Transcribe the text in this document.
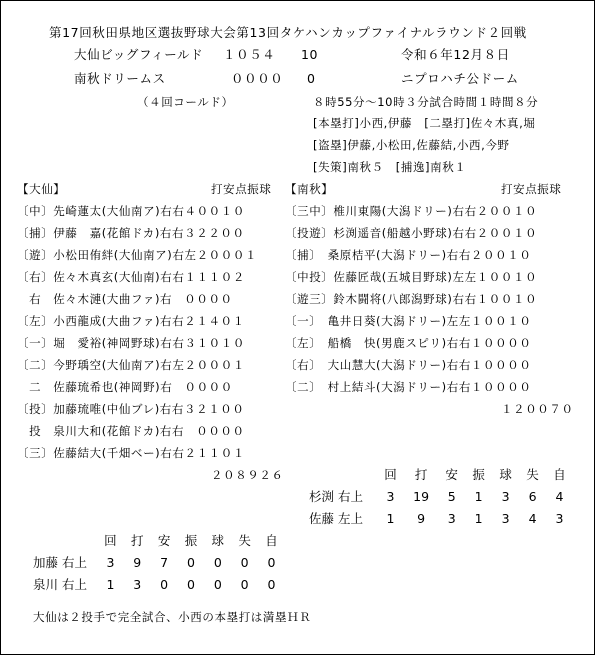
第17回秋田県地区選抜野球大会第13回タケハンカップファイナルラウンド２回戦
大仙ビッグフィールド １０５４ 10	令和６年12月８日
南秋ドリームス	００００ 0	ニプロハチ公ドーム
（４回コールド）	８時55分～10時３分試合時間１時間８分
[本塁打]小西,伊藤　[二塁打]佐々木真,堀
[盗塁]伊藤,小松田,佐藤結,小西,今野
[失策]南秋５　[捕逸]南秋１
【大仙】	打安点振球
〔中〕先崎蓮太(大仙南ア)右右４００１０
〔捕〕伊藤　嘉(花館ドカ)右右３２２００
〔遊〕小松田侑絆(大仙南ア)右左２０００１
〔右〕佐々木真玄(大仙南)右右１１１０２
　右　佐々木漣(大曲ファ)右　００００
〔左〕小西龍成(大曲ファ)右右２１４０１
〔一〕堀　愛裕(神岡野球)右右３１０１０
〔二〕今野瑀空(大仙南ア)右左２０００１
　二　佐藤琉希也(神岡野)右　００００
〔投〕加藤琉唯(中仙ブレ)右右３２１００
　投　泉川大和(花館ドカ)右右　００００
〔三〕佐藤結大(千畑ベー)右右２１１０１
２０８９２６
【南秋】	打安点振球
〔三中〕椎川東陽(大潟ドリー)右右２００１０
〔投遊〕杉渕遥音(船越小野球)右右２００１０
〔捕〕　桑原桔平(大潟ドリー)右右２００１０
〔中投〕佐藤匠哉(五城目野球)左左１００１０
〔遊三〕鈴木闘将(八郎潟野球)右右１００１０
〔一〕　亀井日葵(大潟ドリー)左左１００１０
〔左〕　船橋　快(男鹿スピリ)右右１００００
〔右〕　大山慧大(大潟ドリー)右右１００００
〔二〕　村上結斗(大潟ドリー)右右１００００
１２００７０
	回	打	安	振	球	失	自
杉渕 右上	3	19	5	1	3	6	4
佐藤 左上	1	9	3	1	3	4	3
	回	打	安	振	球	失	自
加藤 右上	3	9	7	0	0	0	0
泉川 右上	1	3	0	0	0	0	0
大仙は２投手で完全試合、小西の本塁打は満塁ＨＲ
